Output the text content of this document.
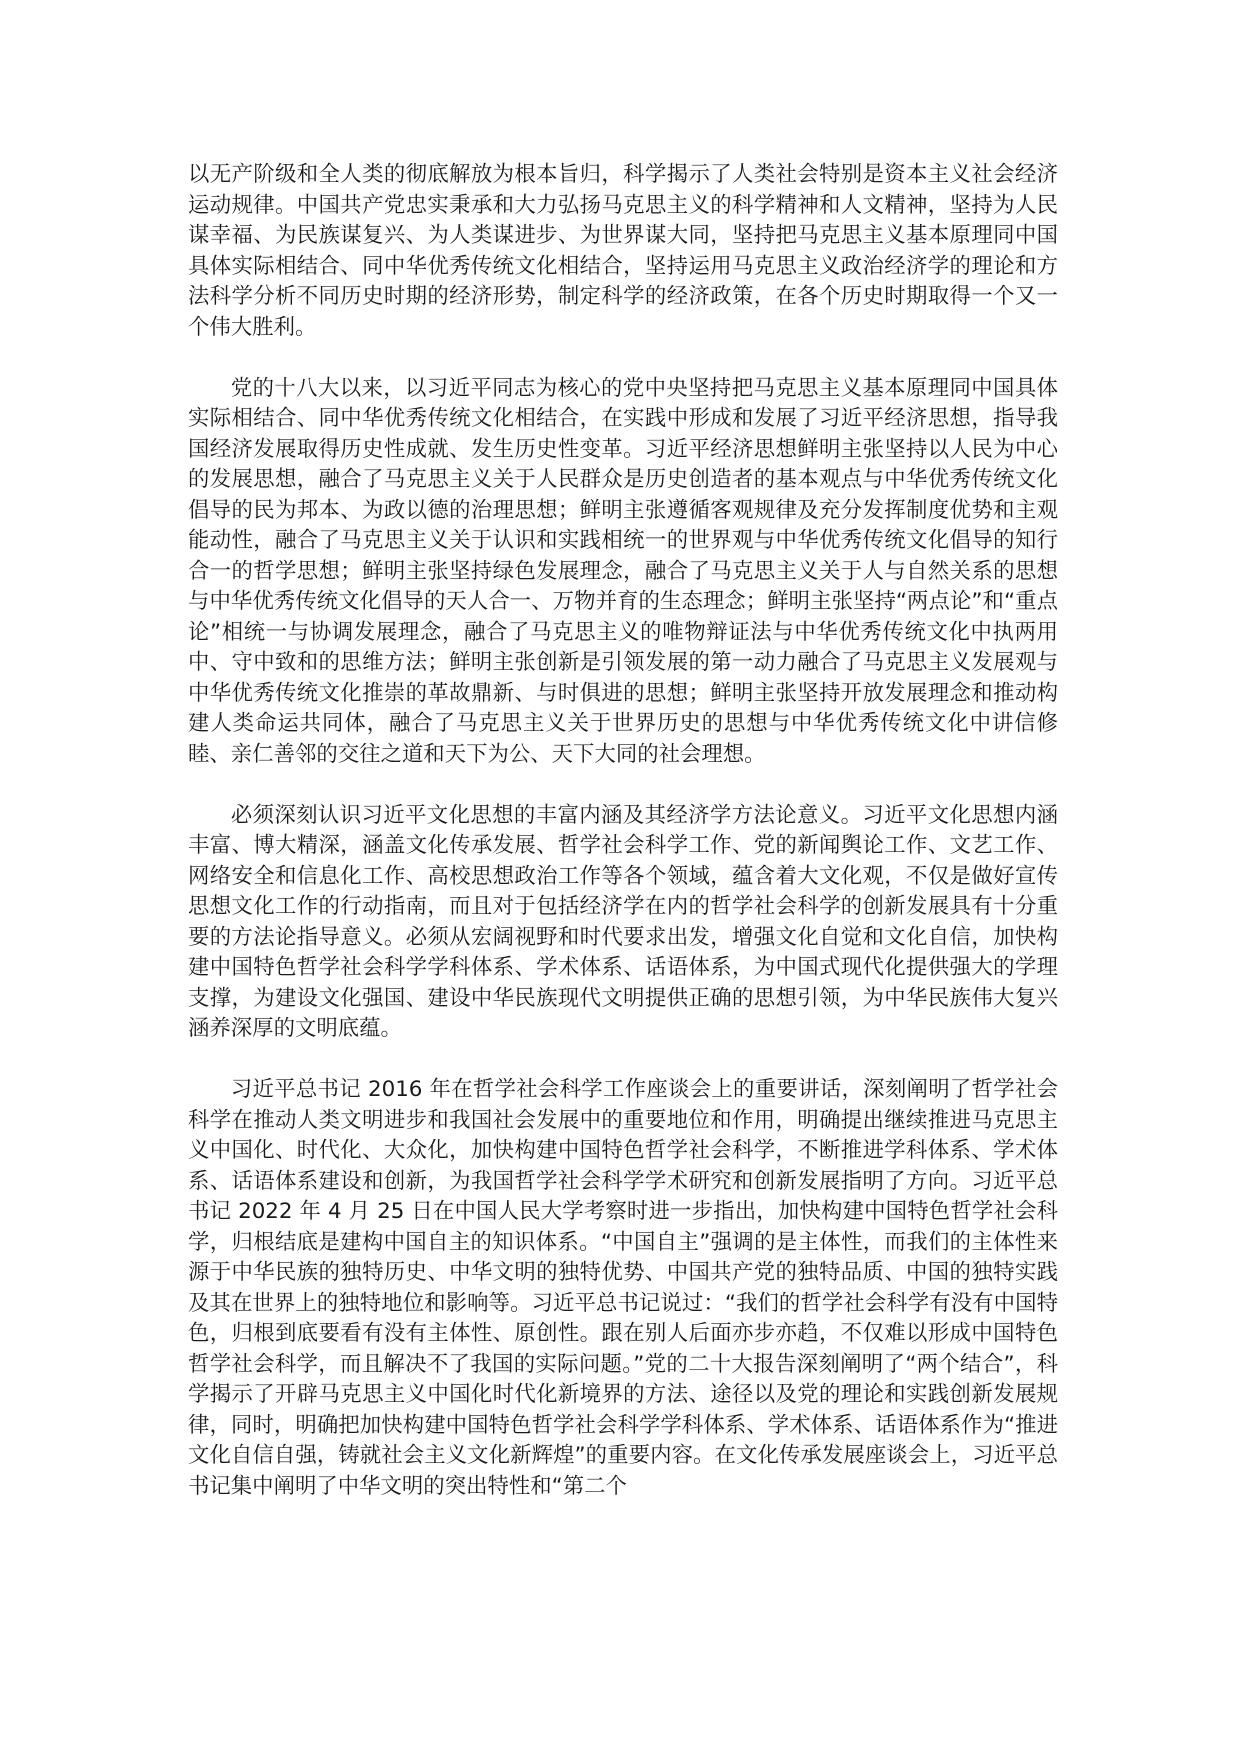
以无产阶级和全人类的彻底解放为根本旨归，科学揭示了人类社会特别是资本主义社会经济运动规律。中国共产党忠实秉承和大力弘扬马克思主义的科学精神和人文精神，坚持为人民谋幸福、为民族谋复兴、为人类谋进步、为世界谋大同，坚持把马克思主义基本原理同中国具体实际相结合、同中华优秀传统文化相结合，坚持运用马克思主义政治经济学的理论和方法科学分析不同历史时期的经济形势，制定科学的经济政策，在各个历史时期取得一个又一个伟大胜利。

党的十八大以来，以习近平同志为核心的党中央坚持把马克思主义基本原理同中国具体实际相结合、同中华优秀传统文化相结合，在实践中形成和发展了习近平经济思想，指导我国经济发展取得历史性成就、发生历史性变革。习近平经济思想鲜明主张坚持以人民为中心的发展思想，融合了马克思主义关于人民群众是历史创造者的基本观点与中华优秀传统文化倡导的民为邦本、为政以德的治理思想；鲜明主张遵循客观规律及充分发挥制度优势和主观能动性，融合了马克思主义关于认识和实践相统一的世界观与中华优秀传统文化倡导的知行合一的哲学思想；鲜明主张坚持绿色发展理念，融合了马克思主义关于人与自然关系的思想与中华优秀传统文化倡导的天人合一、万物并育的生态理念；鲜明主张坚持“两点论”和“重点论”相统一与协调发展理念，融合了马克思主义的唯物辩证法与中华优秀传统文化中执两用中、守中致和的思维方法；鲜明主张创新是引领发展的第一动力融合了马克思主义发展观与中华优秀传统文化推崇的革故鼎新、与时俱进的思想；鲜明主张坚持开放发展理念和推动构建人类命运共同体，融合了马克思主义关于世界历史的思想与中华优秀传统文化中讲信修睦、亲仁善邻的交往之道和天下为公、天下大同的社会理想。

必须深刻认识习近平文化思想的丰富内涵及其经济学方法论意义。习近平文化思想内涵丰富、博大精深，涵盖文化传承发展、哲学社会科学工作、党的新闻舆论工作、文艺工作、网络安全和信息化工作、高校思想政治工作等各个领域，蕴含着大文化观，不仅是做好宣传思想文化工作的行动指南，而且对于包括经济学在内的哲学社会科学的创新发展具有十分重要的方法论指导意义。必须从宏阔视野和时代要求出发，增强文化自觉和文化自信，加快构建中国特色哲学社会科学学科体系、学术体系、话语体系，为中国式现代化提供强大的学理支撑，为建设文化强国、建设中华民族现代文明提供正确的思想引领，为中华民族伟大复兴涵养深厚的文明底蕴。

习近平总书记 2016 年在哲学社会科学工作座谈会上的重要讲话，深刻阐明了哲学社会科学在推动人类文明进步和我国社会发展中的重要地位和作用，明确提出继续推进马克思主义中国化、时代化、大众化，加快构建中国特色哲学社会科学，不断推进学科体系、学术体系、话语体系建设和创新，为我国哲学社会科学学术研究和创新发展指明了方向。习近平总书记 2022 年 4 月 25 日在中国人民大学考察时进一步指出，加快构建中国特色哲学社会科学，归根结底是建构中国自主的知识体系。“中国自主”强调的是主体性，而我们的主体性来源于中华民族的独特历史、中华文明的独特优势、中国共产党的独特品质、中国的独特实践及其在世界上的独特地位和影响等。习近平总书记说过：“我们的哲学社会科学有没有中国特色，归根到底要看有没有主体性、原创性。跟在别人后面亦步亦趋，不仅难以形成中国特色哲学社会科学，而且解决不了我国的实际问题。”党的二十大报告深刻阐明了“两个结合”，科学揭示了开辟马克思主义中国化时代化新境界的方法、途径以及党的理论和实践创新发展规律，同时，明确把加快构建中国特色哲学社会科学学科体系、学术体系、话语体系作为“推进文化自信自强，铸就社会主义文化新辉煌”的重要内容。在文化传承发展座谈会上，习近平总书记集中阐明了中华文明的突出特性和“第二个
